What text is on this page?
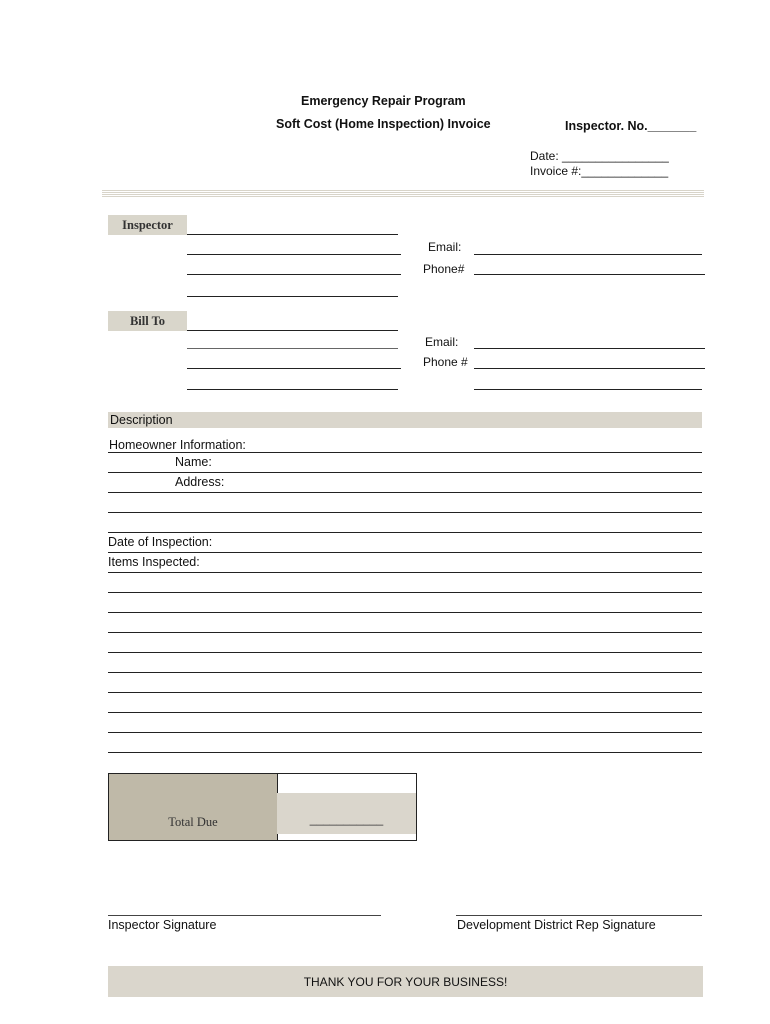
Emergency Repair Program
Soft Cost (Home Inspection) Invoice	Inspector. No._______
Date: ________________
Invoice #:_____________
Inspector
Email:
Phone#
Bill To
Email:
Phone #
Description
Homeowner Information:
Name:
Address:
Date of Inspection:
Items Inspected:
Total Due	___________
Inspector Signature	Development District Rep Signature
THANK YOU FOR YOUR BUSINESS!
